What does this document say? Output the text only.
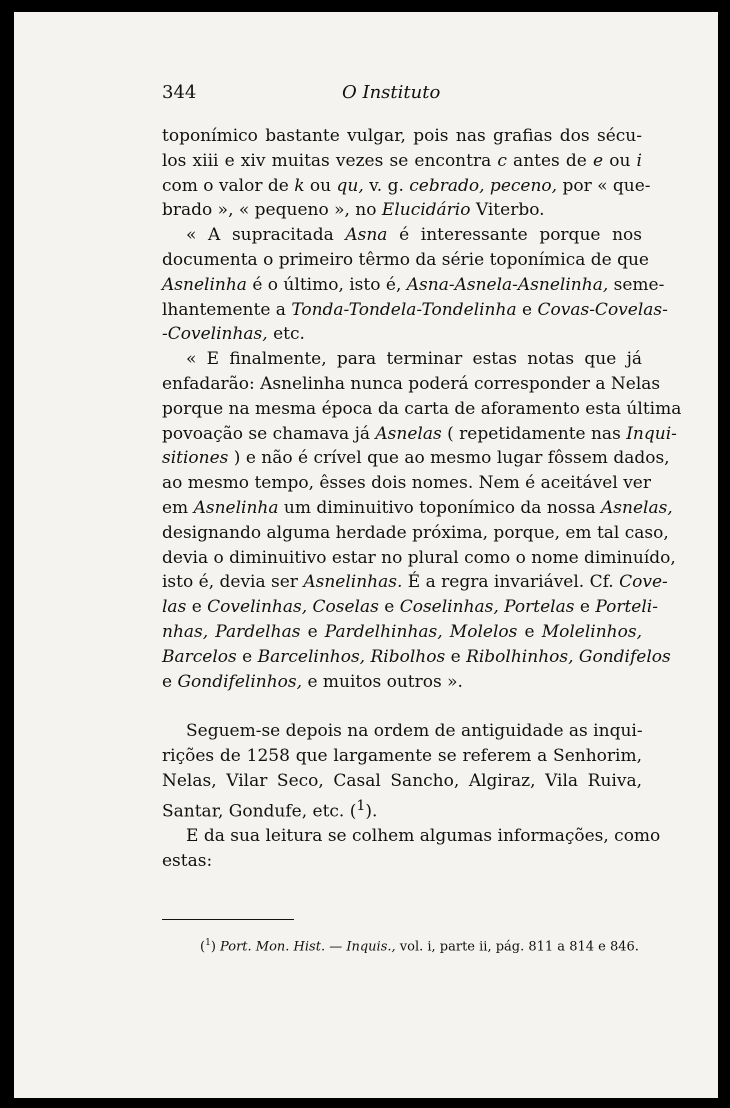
344	O Instituto
toponímico bastante vulgar, pois nas grafias dos sécu-
los xiii e xiv muitas vezes se encontra c antes de e ou i
com o valor de k ou qu, v. g. cebrado, peceno, por « que-
brado », « pequeno », no Elucidário Viterbo.
« A supracitada Asna é interessante porque nos
documenta o primeiro têrmo da série toponímica de que
Asnelinha é o último, isto é, Asna-Asnela-Asnelinha, seme-
lhantemente a Tonda-Tondela-Tondelinha e Covas-Covelas-
-Covelinhas, etc.
« E finalmente, para terminar estas notas que já
enfadarão: Asnelinha nunca poderá corresponder a Nelas
porque na mesma época da carta de aforamento esta última
povoação se chamava já Asnelas ( repetidamente nas Inqui-
sitiones ) e não é crível que ao mesmo lugar fôssem dados,
ao mesmo tempo, êsses dois nomes. Nem é aceitável ver
em Asnelinha um diminuitivo toponímico da nossa Asnelas,
designando alguma herdade próxima, porque, em tal caso,
devia o diminuitivo estar no plural como o nome diminuído,
isto é, devia ser Asnelinhas. É a regra invariável. Cf. Cove-
las e Covelinhas, Coselas e Coselinhas, Portelas e Porteli-
nhas, Pardelhas e Pardelhinhas, Molelos e Molelinhos,
Barcelos e Barcelinhos, Ribolhos e Ribolhinhos, Gondifelos
e Gondifelinhos, e muitos outros ».
Seguem-se depois na ordem de antiguidade as inqui-
rições de 1258 que largamente se referem a Senhorim,
Nelas, Vilar Seco, Casal Sancho, Algiraz, Vila Ruiva,
Santar, Gondufe, etc. ($^1$).
E da sua leitura se colhem algumas informações, como
estas:
($^1$) Port. Mon. Hist. — Inquis., vol. i, parte ii, pág. 811 a 814 e 846.
